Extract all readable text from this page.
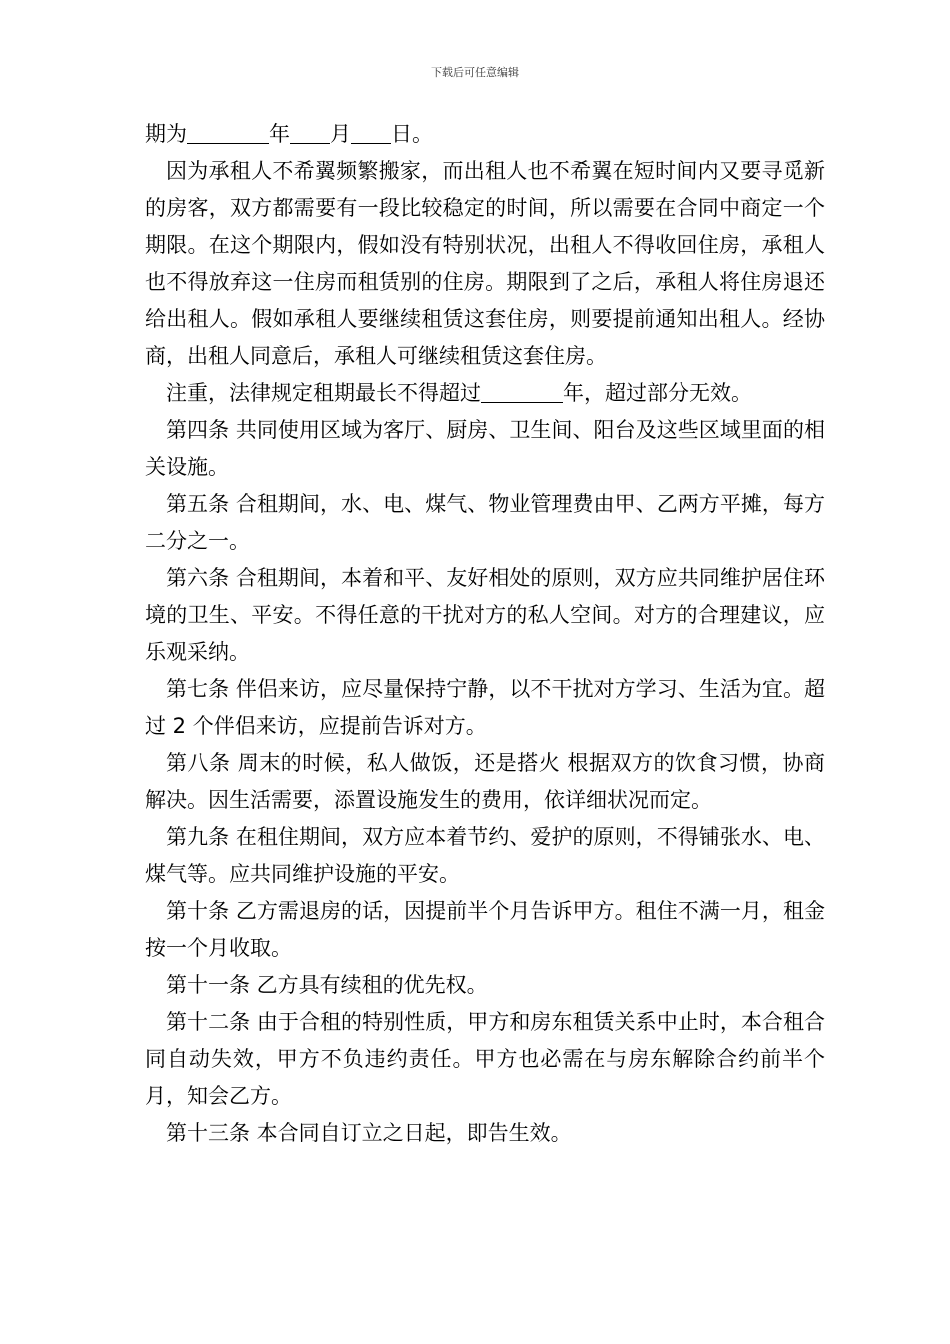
下载后可任意编辑

期为	年 月 日。

因为承租人不希翼频繁搬家，而出租人也不希翼在短时间内又要寻觅新的房客，双方都需要有一段比较稳定的时间，所以需要在合同中商定一个期限。在这个期限内，假如没有特别状况，出租人不得收回住房，承租人也不得放弃这一住房而租赁别的住房。期限到了之后，承租人将住房退还给出租人。假如承租人要继续租赁这套住房，则要提前通知出租人。经协商，出租人同意后，承租人可继续租赁这套住房。

注重，法律规定租期最长不得超过	年，超过部分无效。

第四条 共同使用区域为客厅、厨房、卫生间、阳台及这些区域里面的相关设施。

第五条 合租期间，水、电、煤气、物业管理费由甲、乙两方平摊，每方二分之一。

第六条 合租期间，本着和平、友好相处的原则，双方应共同维护居住环境的卫生、平安。不得任意的干扰对方的私人空间。对方的合理建议，应乐观采纳。

第七条 伴侣来访，应尽量保持宁静，以不干扰对方学习、生活为宜。超过 2 个伴侣来访，应提前告诉对方。

第八条 周末的时候，私人做饭，还是搭火 根据双方的饮食习惯，协商解决。因生活需要，添置设施发生的费用，依详细状况而定。

第九条 在租住期间，双方应本着节约、爱护的原则，不得铺张水、电、煤气等。应共同维护设施的平安。

第十条 乙方需退房的话，因提前半个月告诉甲方。租住不满一月，租金按一个月收取。

第十一条 乙方具有续租的优先权。

第十二条 由于合租的特别性质，甲方和房东租赁关系中止时，本合租合同自动失效，甲方不负违约责任。甲方也必需在与房东解除合约前半个月，知会乙方。

第十三条 本合同自订立之日起，即告生效。
